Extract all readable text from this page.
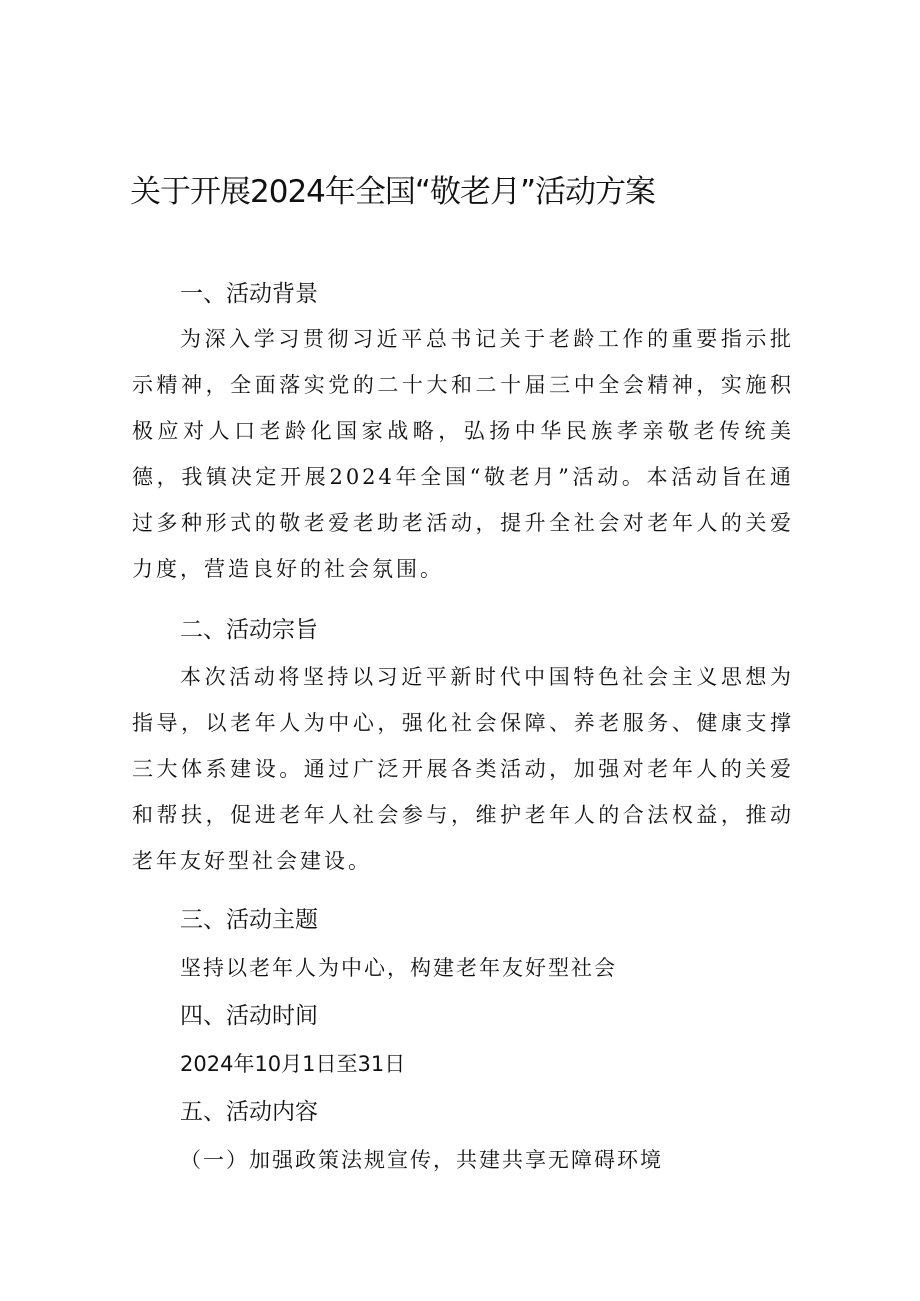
关于开展2024年全国“敬老月”活动方案
一、活动背景

为深入学习贯彻习近平总书记关于老龄工作的重要指示批示精神，全面落实党的二十大和二十届三中全会精神，实施积极应对人口老龄化国家战略，弘扬中华民族孝亲敬老传统美德，我镇决定开展2024年全国“敬老月”活动。本活动旨在通过多种形式的敬老爱老助老活动，提升全社会对老年人的关爱力度，营造良好的社会氛围。

二、活动宗旨

本次活动将坚持以习近平新时代中国特色社会主义思想为指导，以老年人为中心，强化社会保障、养老服务、健康支撑三大体系建设。通过广泛开展各类活动，加强对老年人的关爱和帮扶，促进老年人社会参与，维护老年人的合法权益，推动老年友好型社会建设。

三、活动主题

坚持以老年人为中心，构建老年友好型社会

四、活动时间

2024年10月1日至31日

五、活动内容

（一）加强政策法规宣传，共建共享无障碍环境
